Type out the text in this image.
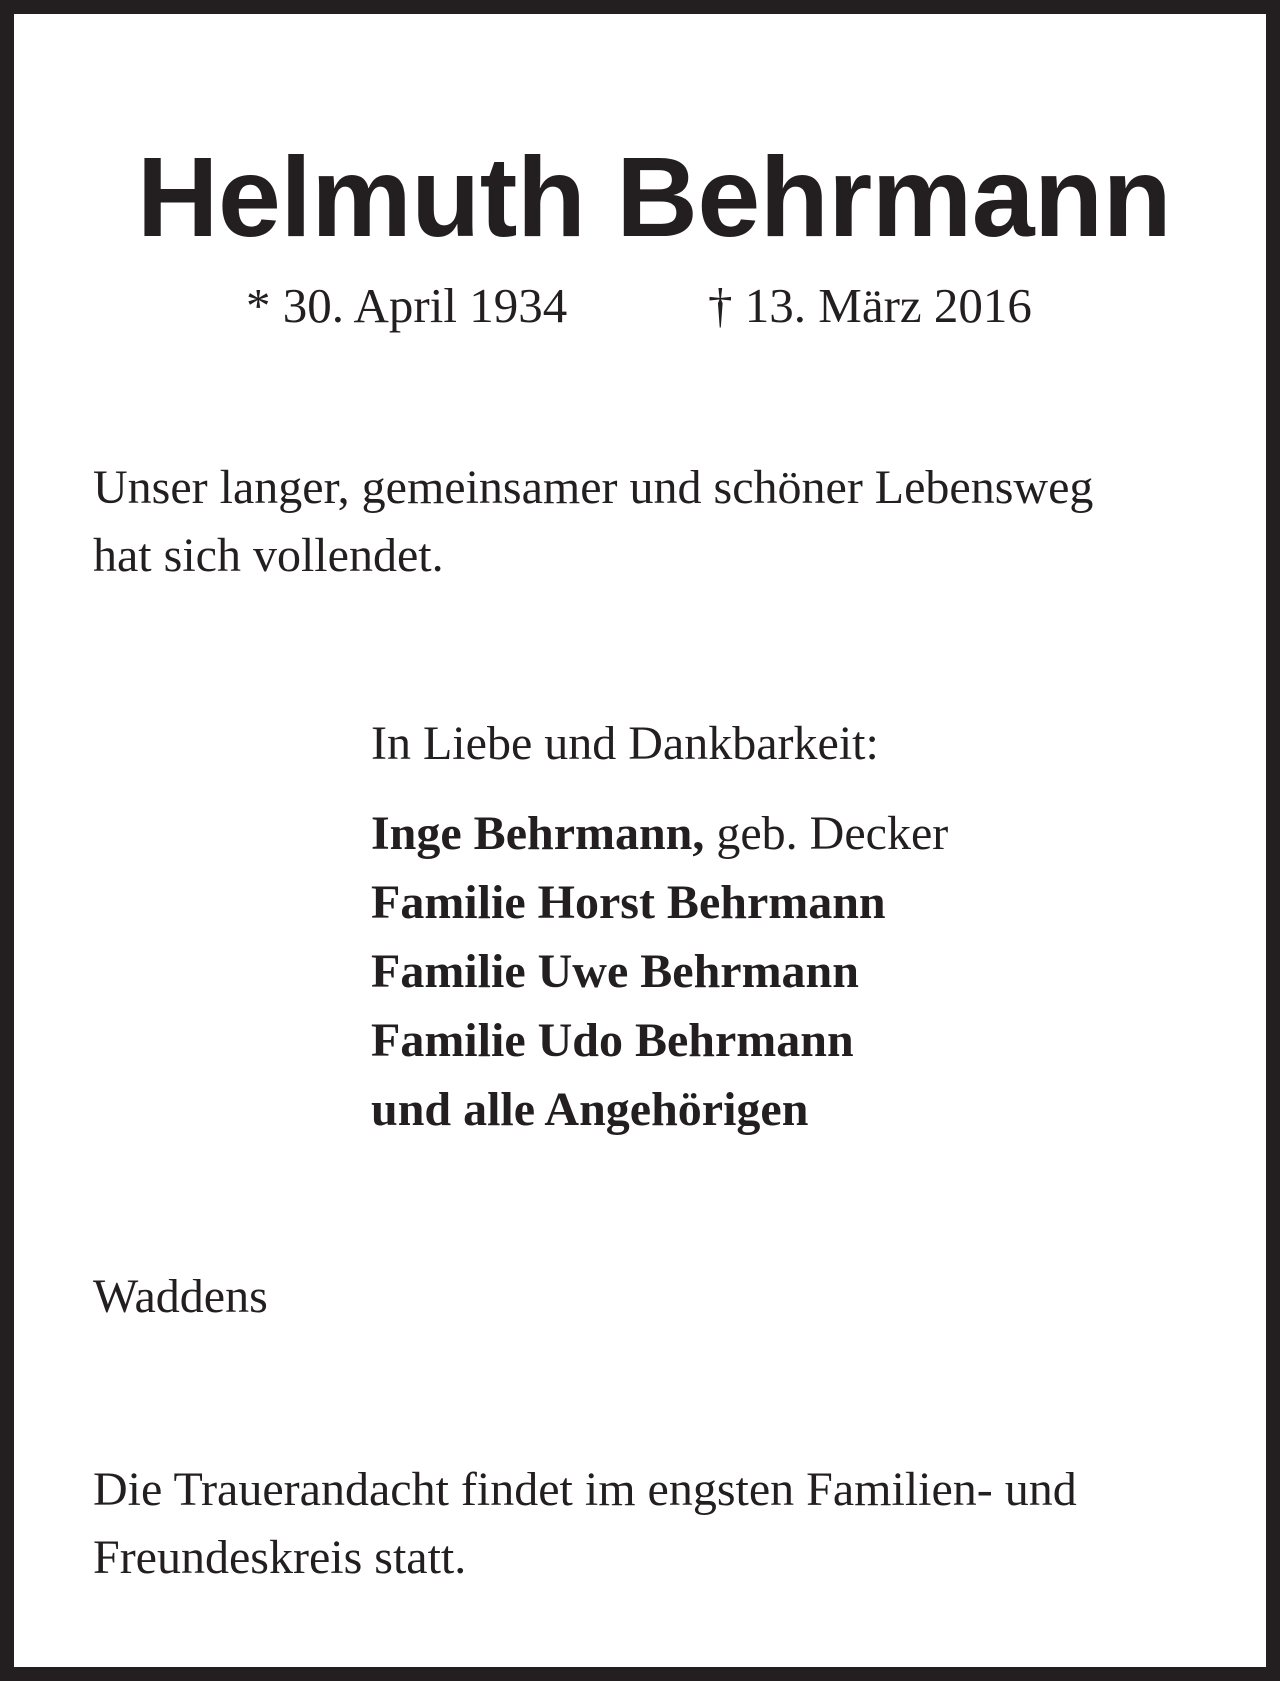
Helmuth Behrmann
* 30. April 1934	† 13. März 2016
Unser langer, gemeinsamer und schöner Lebensweg
hat sich vollendet.
In Liebe und Dankbarkeit:
Inge Behrmann, geb. Decker
Familie Horst Behrmann
Familie Uwe Behrmann
Familie Udo Behrmann
und alle Angehörigen
Waddens
Die Trauerandacht findet im engsten Familien- und
Freundeskreis statt.
